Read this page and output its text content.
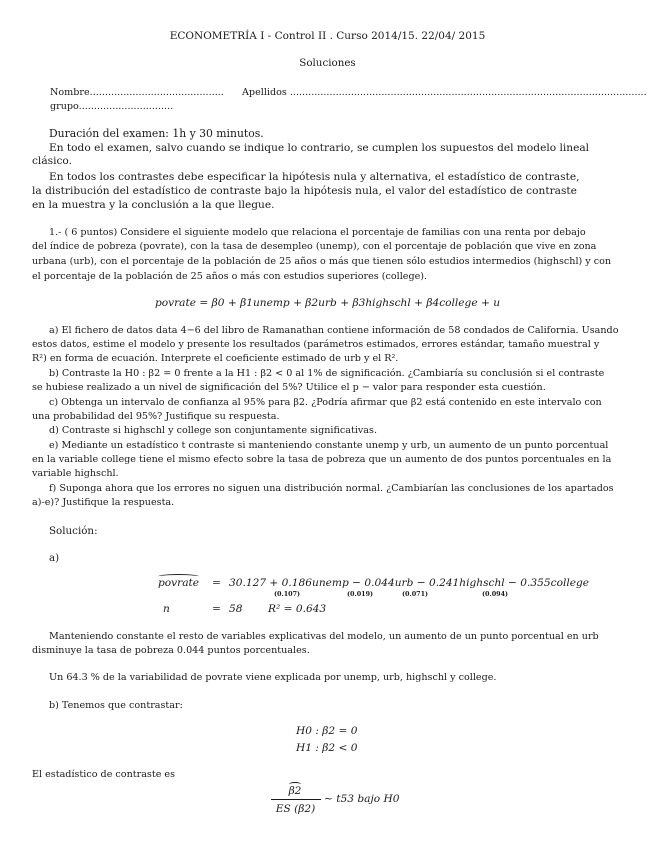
ECONOMETRÍA I - Control II . Curso 2014/15. 22/04/ 2015
Soluciones
Nombre............................................ Apellidos .....................................................................................................................
grupo...............................
Duración del examen: 1h y 30 minutos.
En todo el examen, salvo cuando se indique lo contrario, se cumplen los supuestos del modelo lineal
clásico.
En todos los contrastes debe especificar la hipótesis nula y alternativa, el estadístico de contraste,
la distribución del estadístico de contraste bajo la hipótesis nula, el valor del estadístico de contraste
en la muestra y la conclusión a la que llegue.
1.- ( 6 puntos) Considere el siguiente modelo que relaciona el porcentaje de familias con una renta por debajo
del índice de pobreza (povrate), con la tasa de desempleo (unemp), con el porcentaje de población que vive en zona
urbana (urb), con el porcentaje de la población de 25 años o más que tienen sólo estudios intermedios (highschl) y con
el porcentaje de la población de 25 años o más con estudios superiores (college).
povrate = β0 + β1unemp + β2urb + β3highschl + β4college + u
a) El fichero de datos data 4−6 del libro de Ramanathan contiene información de 58 condados de California. Usando
estos datos, estime el modelo y presente los resultados (parámetros estimados, errores estándar, tamaño muestral y
R²) en forma de ecuación. Interprete el coeficiente estimado de urb y el R².
b) Contraste la H0 : β2 = 0 frente a la H1 : β2 < 0 al 1% de significación. ¿Cambiaría su conclusión si el contraste
se hubiese realizado a un nivel de significación del 5%? Utilice el p − valor para responder esta cuestión.
c) Obtenga un intervalo de confianza al 95% para β2. ¿Podría afirmar que β2 está contenido en este intervalo con
una probabilidad del 95%? Justifique su respuesta.
d) Contraste si highschl y college son conjuntamente significativas.
e) Mediante un estadístico t contraste si manteniendo constante unemp y urb, un aumento de un punto porcentual
en la variable college tiene el mismo efecto sobre la tasa de pobreza que un aumento de dos puntos porcentuales en la
variable highschl.
f) Suponga ahora que los errores no siguen una distribución normal. ¿Cambiarían las conclusiones de los apartados
a)-e)? Justifique la respuesta.
Solución:
a)
povrate = 30.127 + 0.186unemp − 0.044urb − 0.241highschl − 0.355college
(0.107)	(0.019)	(0.071)	(0.094)
n	= 58 R² = 0.643
Manteniendo constante el resto de variables explicativas del modelo, un aumento de un punto porcentual en urb
disminuye la tasa de pobreza 0.044 puntos porcentuales.
Un 64.3 % de la variabilidad de povrate viene explicada por unemp, urb, highschl y college.
b) Tenemos que contrastar:
H0 : β2 = 0
H1 : β2 < 0
El estadístico de contraste es
β2
ES (β2)
∼ t53 bajo H0
